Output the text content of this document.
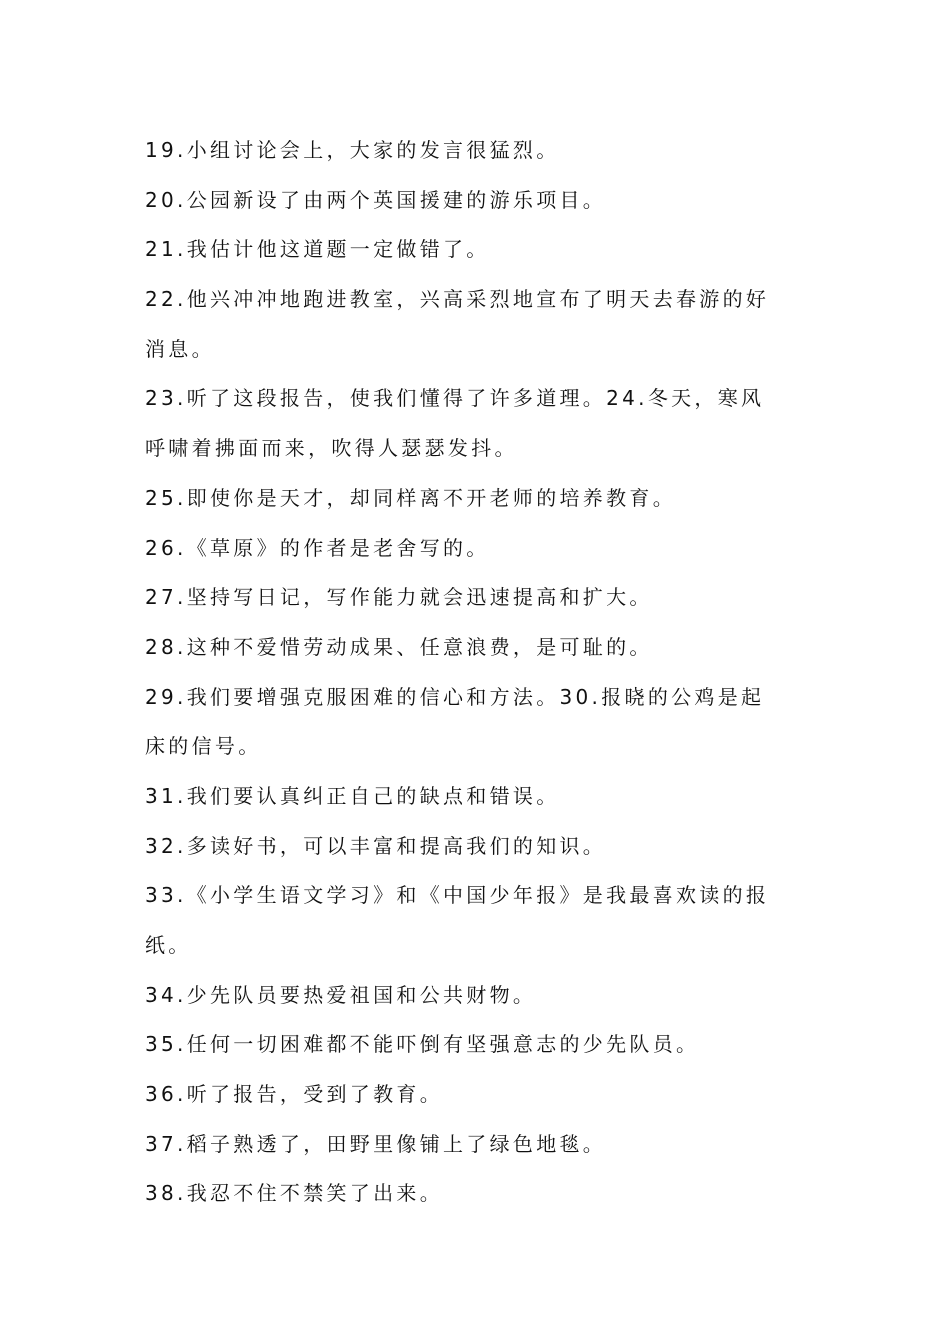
19.小组讨论会上，大家的发言很猛烈。
20.公园新设了由两个英国援建的游乐项目。
21.我估计他这道题一定做错了。
22.他兴冲冲地跑进教室，兴高采烈地宣布了明天去春游的好
消息。
23.听了这段报告，使我们懂得了许多道理。24.冬天，寒风
呼啸着拂面而来，吹得人瑟瑟发抖。
25.即使你是天才，却同样离不开老师的培养教育。
26.《草原》的作者是老舍写的。
27.坚持写日记，写作能力就会迅速提高和扩大。
28.这种不爱惜劳动成果、任意浪费，是可耻的。
29.我们要增强克服困难的信心和方法。30.报晓的公鸡是起
床的信号。
31.我们要认真纠正自己的缺点和错误。
32.多读好书，可以丰富和提高我们的知识。
33.《小学生语文学习》和《中国少年报》是我最喜欢读的报
纸。
34.少先队员要热爱祖国和公共财物。
35.任何一切困难都不能吓倒有坚强意志的少先队员。
36.听了报告，受到了教育。
37.稻子熟透了，田野里像铺上了绿色地毯。
38.我忍不住不禁笑了出来。
